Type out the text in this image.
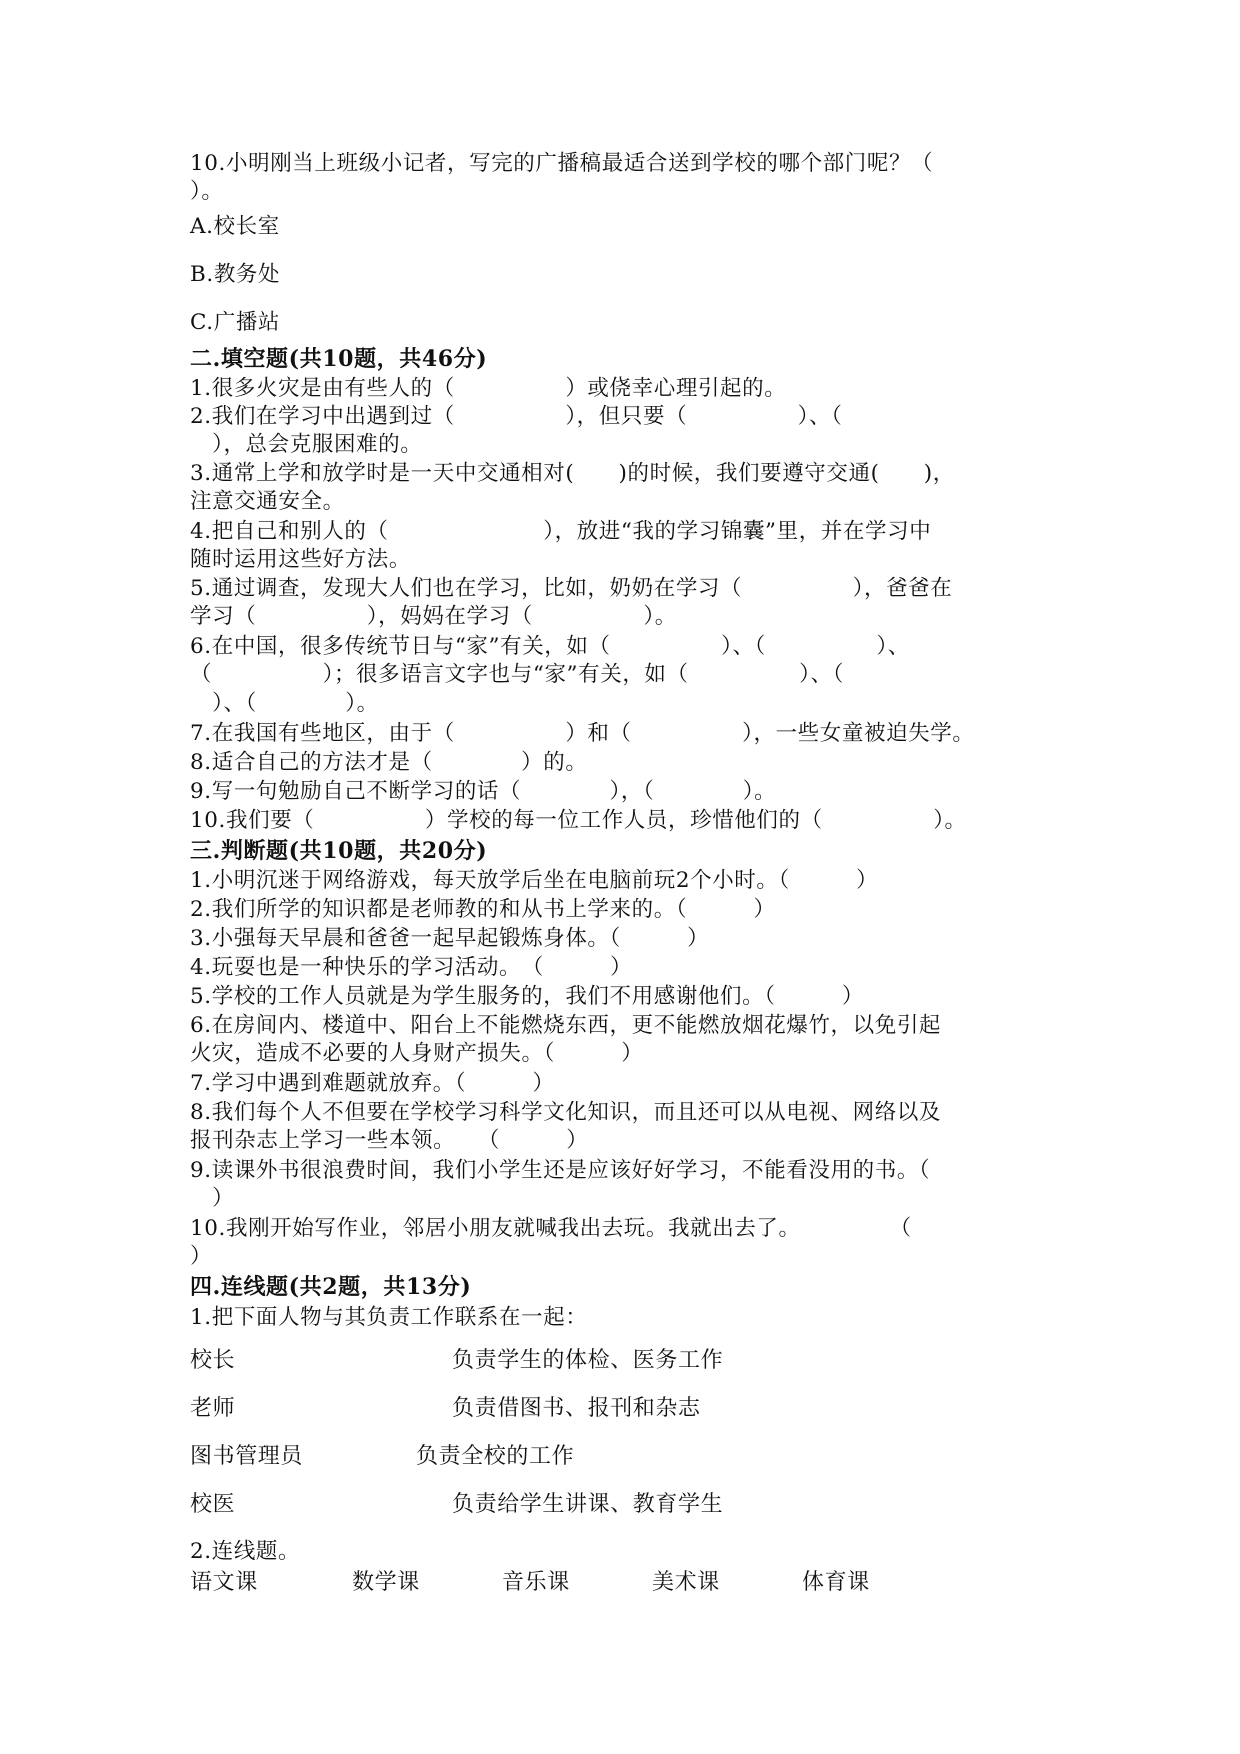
10.小明刚当上班级小记者，写完的广播稿最适合送到学校的哪个部门呢？（
）。
A.校长室
B.教务处
C.广播站
二.填空题(共10题，共46分)
1.很多火灾是由有些人的（　　　　　）或侥幸心理引起的。
2.我们在学习中出遇到过（　　　　　），但只要（　　　　　）、（
　），总会克服困难的。
3.通常上学和放学时是一天中交通相对(　　)的时候，我们要遵守交通(　　)，
注意交通安全。
4.把自己和别人的（　　　　　　　），放进“我的学习锦囊”里，并在学习中
随时运用这些好方法。
5.通过调查，发现大人们也在学习，比如，奶奶在学习（　　　　　），爸爸在
学习（　　　　　），妈妈在学习（　　　　　）。
6.在中国，很多传统节日与“家”有关，如（　　　　　）、（　　　　　）、
（　　　　　）；很多语言文字也与“家”有关，如（　　　　　）、（
　）、（　　　　）。
7.在我国有些地区，由于（　　　　　）和（　　　　　），一些女童被迫失学。
8.适合自己的方法才是（　　　　）的。
9.写一句勉励自己不断学习的话（　　　　），（　　　　）。
10.我们要（　　　　　）学校的每一位工作人员，珍惜他们的（　　　　　）。
三.判断题(共10题，共20分)
1.小明沉迷于网络游戏，每天放学后坐在电脑前玩2个小时。（　　　）
2.我们所学的知识都是老师教的和从书上学来的。（　　　）
3.小强每天早晨和爸爸一起早起锻炼身体。（　　　）
4.玩耍也是一种快乐的学习活动。　（　　　）
5.学校的工作人员就是为学生服务的，我们不用感谢他们。（　　　）
6.在房间内、楼道中、阳台上不能燃烧东西，更不能燃放烟花爆竹，以免引起
火灾，造成不必要的人身财产损失。（　　　）
7.学习中遇到难题就放弃。（　　　）
8.我们每个人不但要在学校学习科学文化知识，而且还可以从电视、网络以及
报刊杂志上学习一些本领。　　（　　　）
9.读课外书很浪费时间，我们小学生还是应该好好学习，不能看没用的书。（
　）
10.我刚开始写作业，邻居小朋友就喊我出去玩。我就出去了。　　　　　（
）
四.连线题(共2题，共13分)
1.把下面人物与其负责工作联系在一起：
校长	负责学生的体检、医务工作
老师	负责借图书、报刊和杂志
图书管理员	负责全校的工作
校医	负责给学生讲课、教育学生
2.连线题。
语文课	数学课	音乐课	美术课	体育课
